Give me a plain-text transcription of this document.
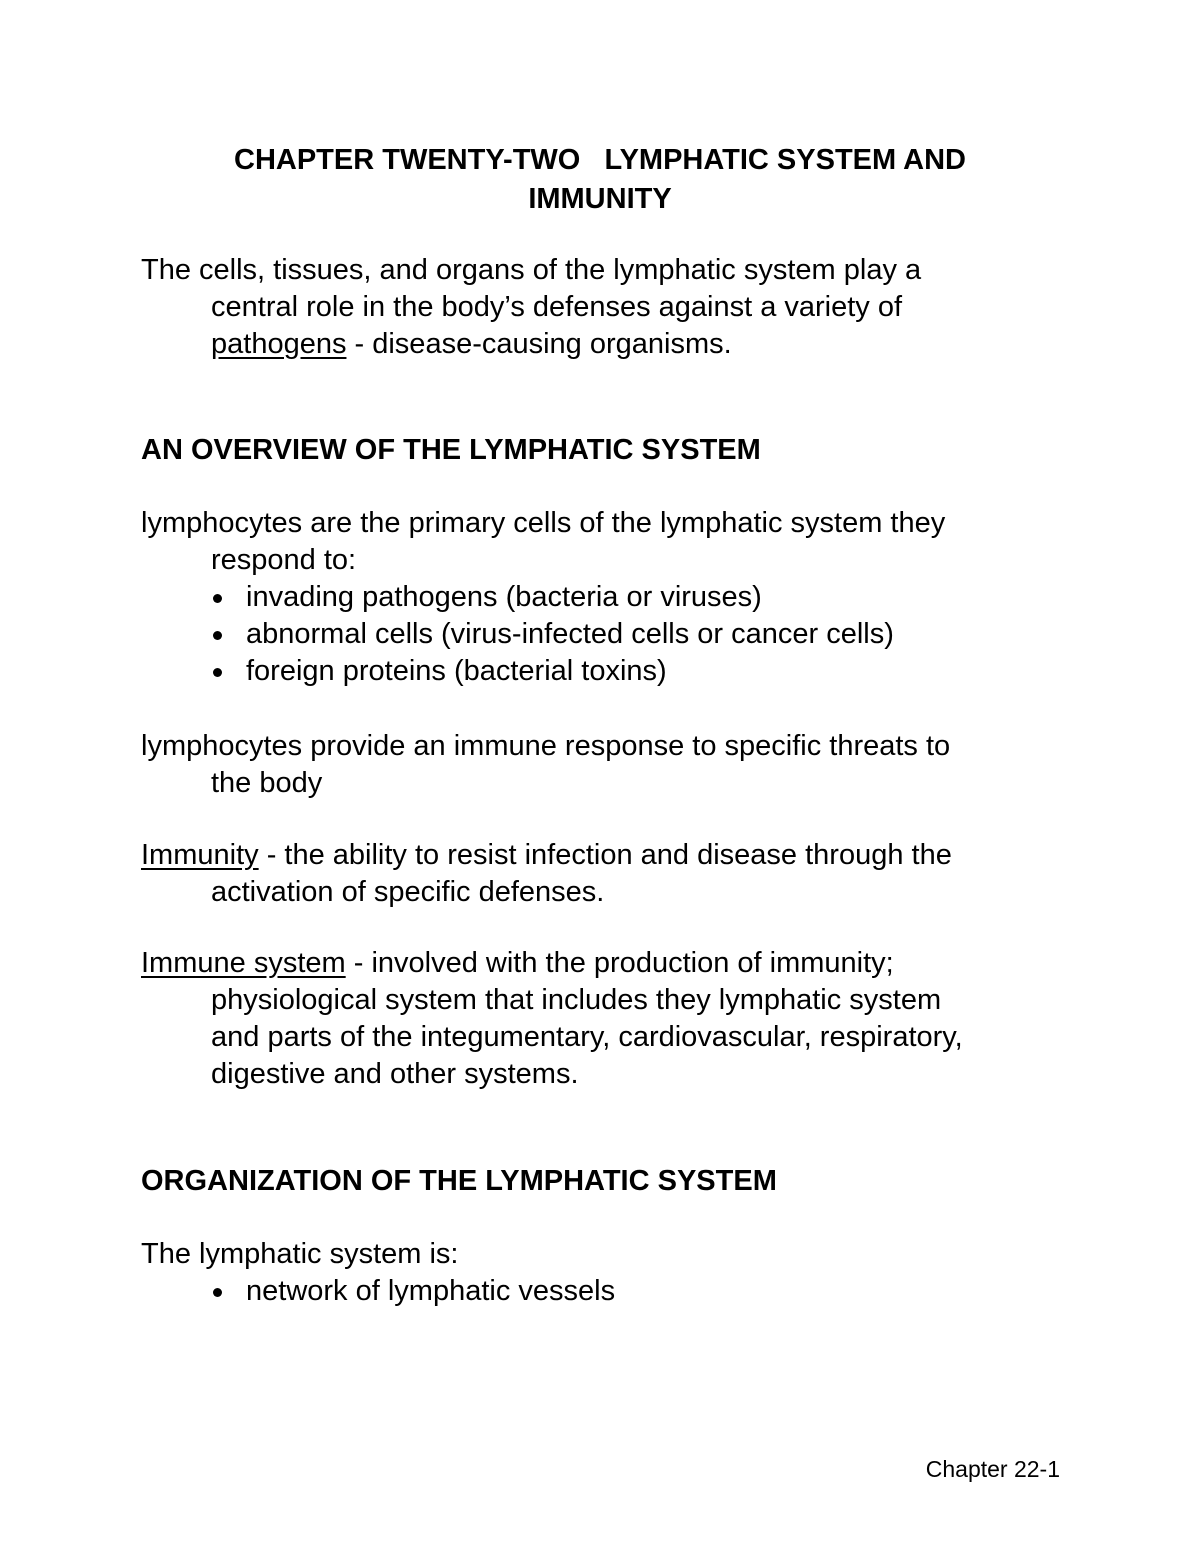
CHAPTER TWENTY-TWO   LYMPHATIC SYSTEM AND
IMMUNITY

The cells, tissues, and organs of the lymphatic system play a
central role in the body’s defenses against a variety of
pathogens - disease-causing organisms.

AN OVERVIEW OF THE LYMPHATIC SYSTEM

lymphocytes are the primary cells of the lymphatic system they
respond to:

invading pathogens (bacteria or viruses)
abnormal cells (virus-infected cells or cancer cells)
foreign proteins (bacterial toxins)

lymphocytes provide an immune response to specific threats to
the body

Immunity - the ability to resist infection and disease through the
activation of specific defenses.

Immune system - involved with the production of immunity;
physiological system that includes they lymphatic system
and parts of the integumentary, cardiovascular, respiratory,
digestive and other systems.

ORGANIZATION OF THE LYMPHATIC SYSTEM

The lymphatic system is:

network of lymphatic vessels
Chapter 22-1
